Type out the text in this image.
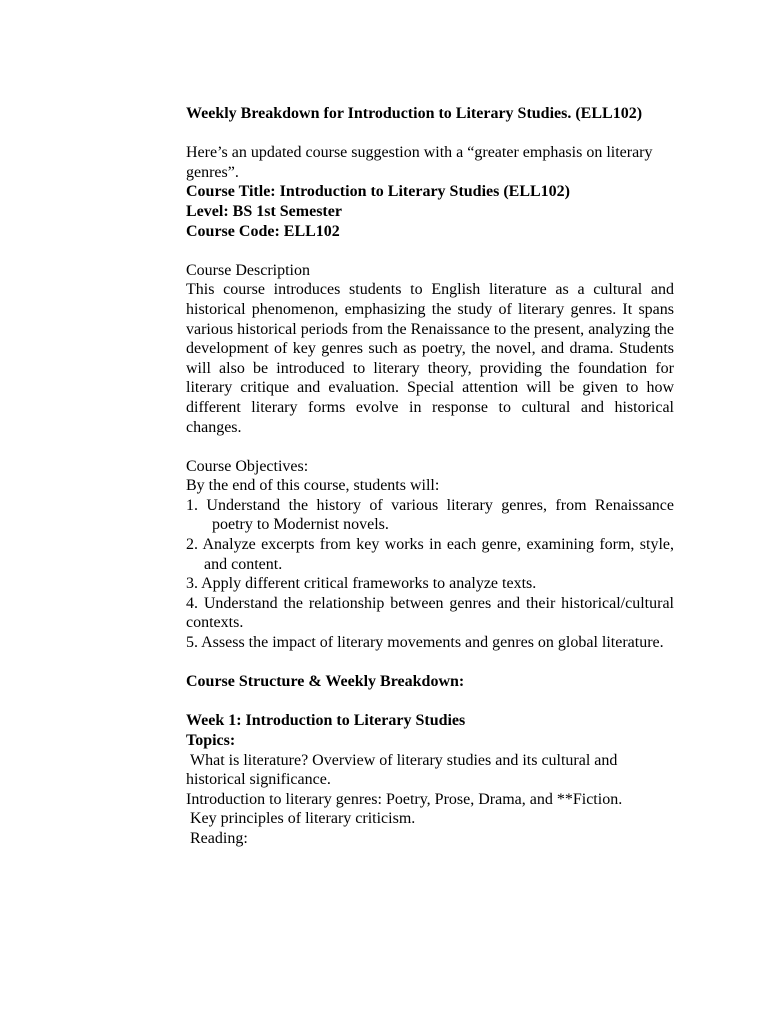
Weekly Breakdown for Introduction to Literary Studies. (ELL102)
Here’s an updated course suggestion with a “greater emphasis on literary genres”.
Course Title: Introduction to Literary Studies (ELL102)
Level: BS 1st Semester
Course Code: ELL102
Course Description
This course introduces students to English literature as a cultural and historical phenomenon, emphasizing the study of literary genres. It spans various historical periods from the Renaissance to the present, analyzing the development of key genres such as poetry, the novel, and drama. Students will also be introduced to literary theory, providing the foundation for literary critique and evaluation. Special attention will be given to how different literary forms evolve in response to cultural and historical changes.
Course Objectives:
By the end of this course, students will:
1. Understand the history of various literary genres, from Renaissance poetry to Modernist novels.
2. Analyze excerpts from key works in each genre, examining form, style, and content.
3. Apply different critical frameworks to analyze texts.
4. Understand the relationship between genres and their historical/cultural contexts.
5. Assess the impact of literary movements and genres on global literature.
Course Structure & Weekly Breakdown:
Week 1: Introduction to Literary Studies
Topics:
What is literature? Overview of literary studies and its cultural and historical significance.
Introduction to literary genres: Poetry, Prose, Drama, and **Fiction.
Key principles of literary criticism.
Reading:
